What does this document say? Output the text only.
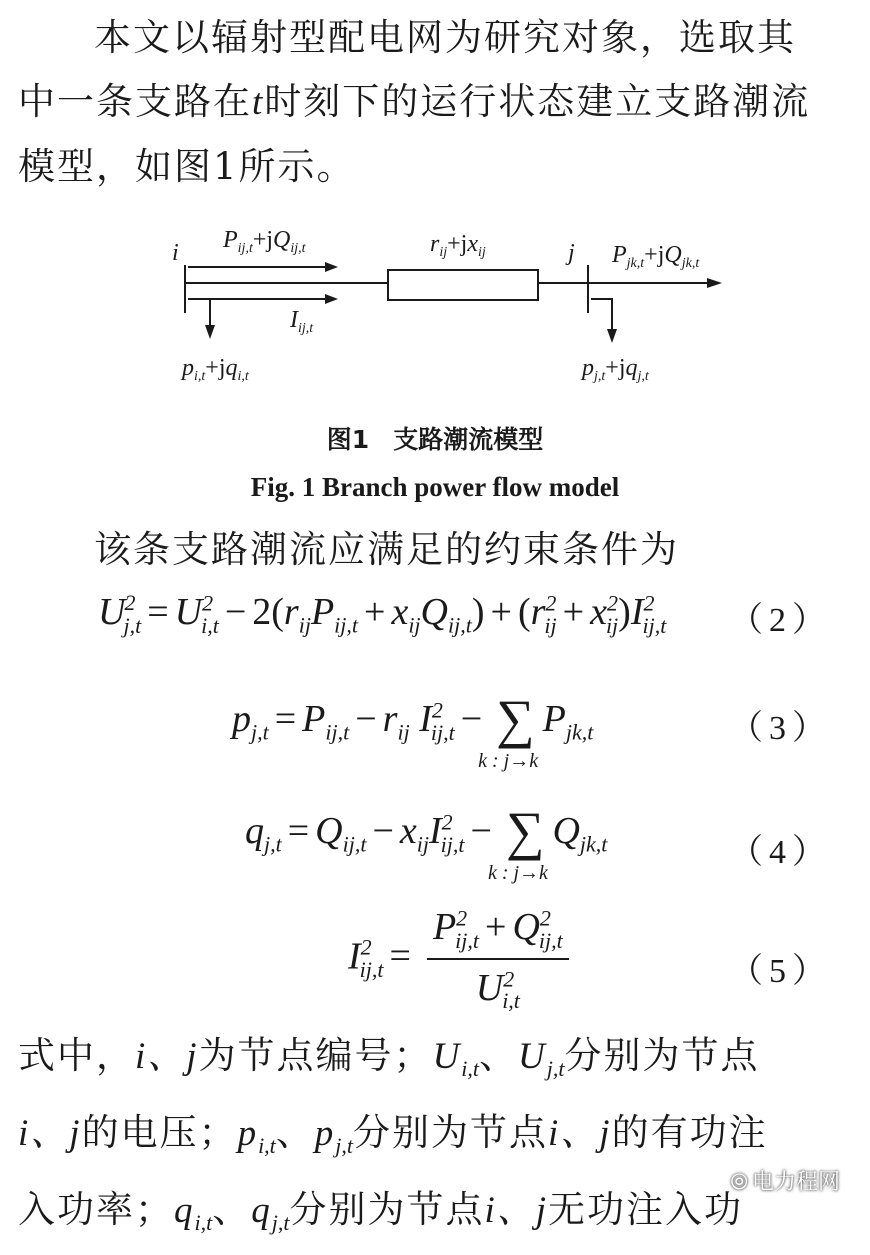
本文以辐射型配电网为研究对象，选取其
中一条支路在t时刻下的运行状态建立支路潮流
模型，如图1所示。
i	j
$P_{ij,t}+jQ_{ij,t}$
$I_{ij,t}$
$r_{ij}+jx_{ij}$	$P_{jk,t}+jQ_{jk,t}$
$p_{i,t}+jq_{i,t}$	$p_{j,t}+jq_{j,t}$
图1 支路潮流模型
Fig. 1 Branch power flow model
该条支路潮流应满足的约束条件为
$U^2_{j,t} = U^2_{i,t} - 2(r_{ij}P_{ij,t} + x_{ij}Q_{ij,t}) + (r^2_{ij} + x^2_{ij})I^2_{ij,t}$ （2）
$p_{j,t} = P_{ij,t} - r_{ij}$ $I^2_{ij,t}$ − ∑
k : j→k
$P_{jk,t}$	（3）
$q_{j,t} = Q_{ij,t} - x_{ij}I^2_{ij,t}$ − ∑
k : j→k
$Q_{jk,t}$	（4）
$I^2_{ij,t} = \frac{P^2_{ij,t} + Q^2_{ij,t}}{U^2_{i,t}}$	（5）
式中，i、j为节点编号；$U_{i,t}$、$U_{j,t}$分别为节点
i、j的电压；$p_{i,t}$、$p_{j,t}$分别为节点i、j的有功注
入功率；$q_{i,t}$、$q_{j,t}$分别为节点i、j无功注入功
⦾ 电力程网
